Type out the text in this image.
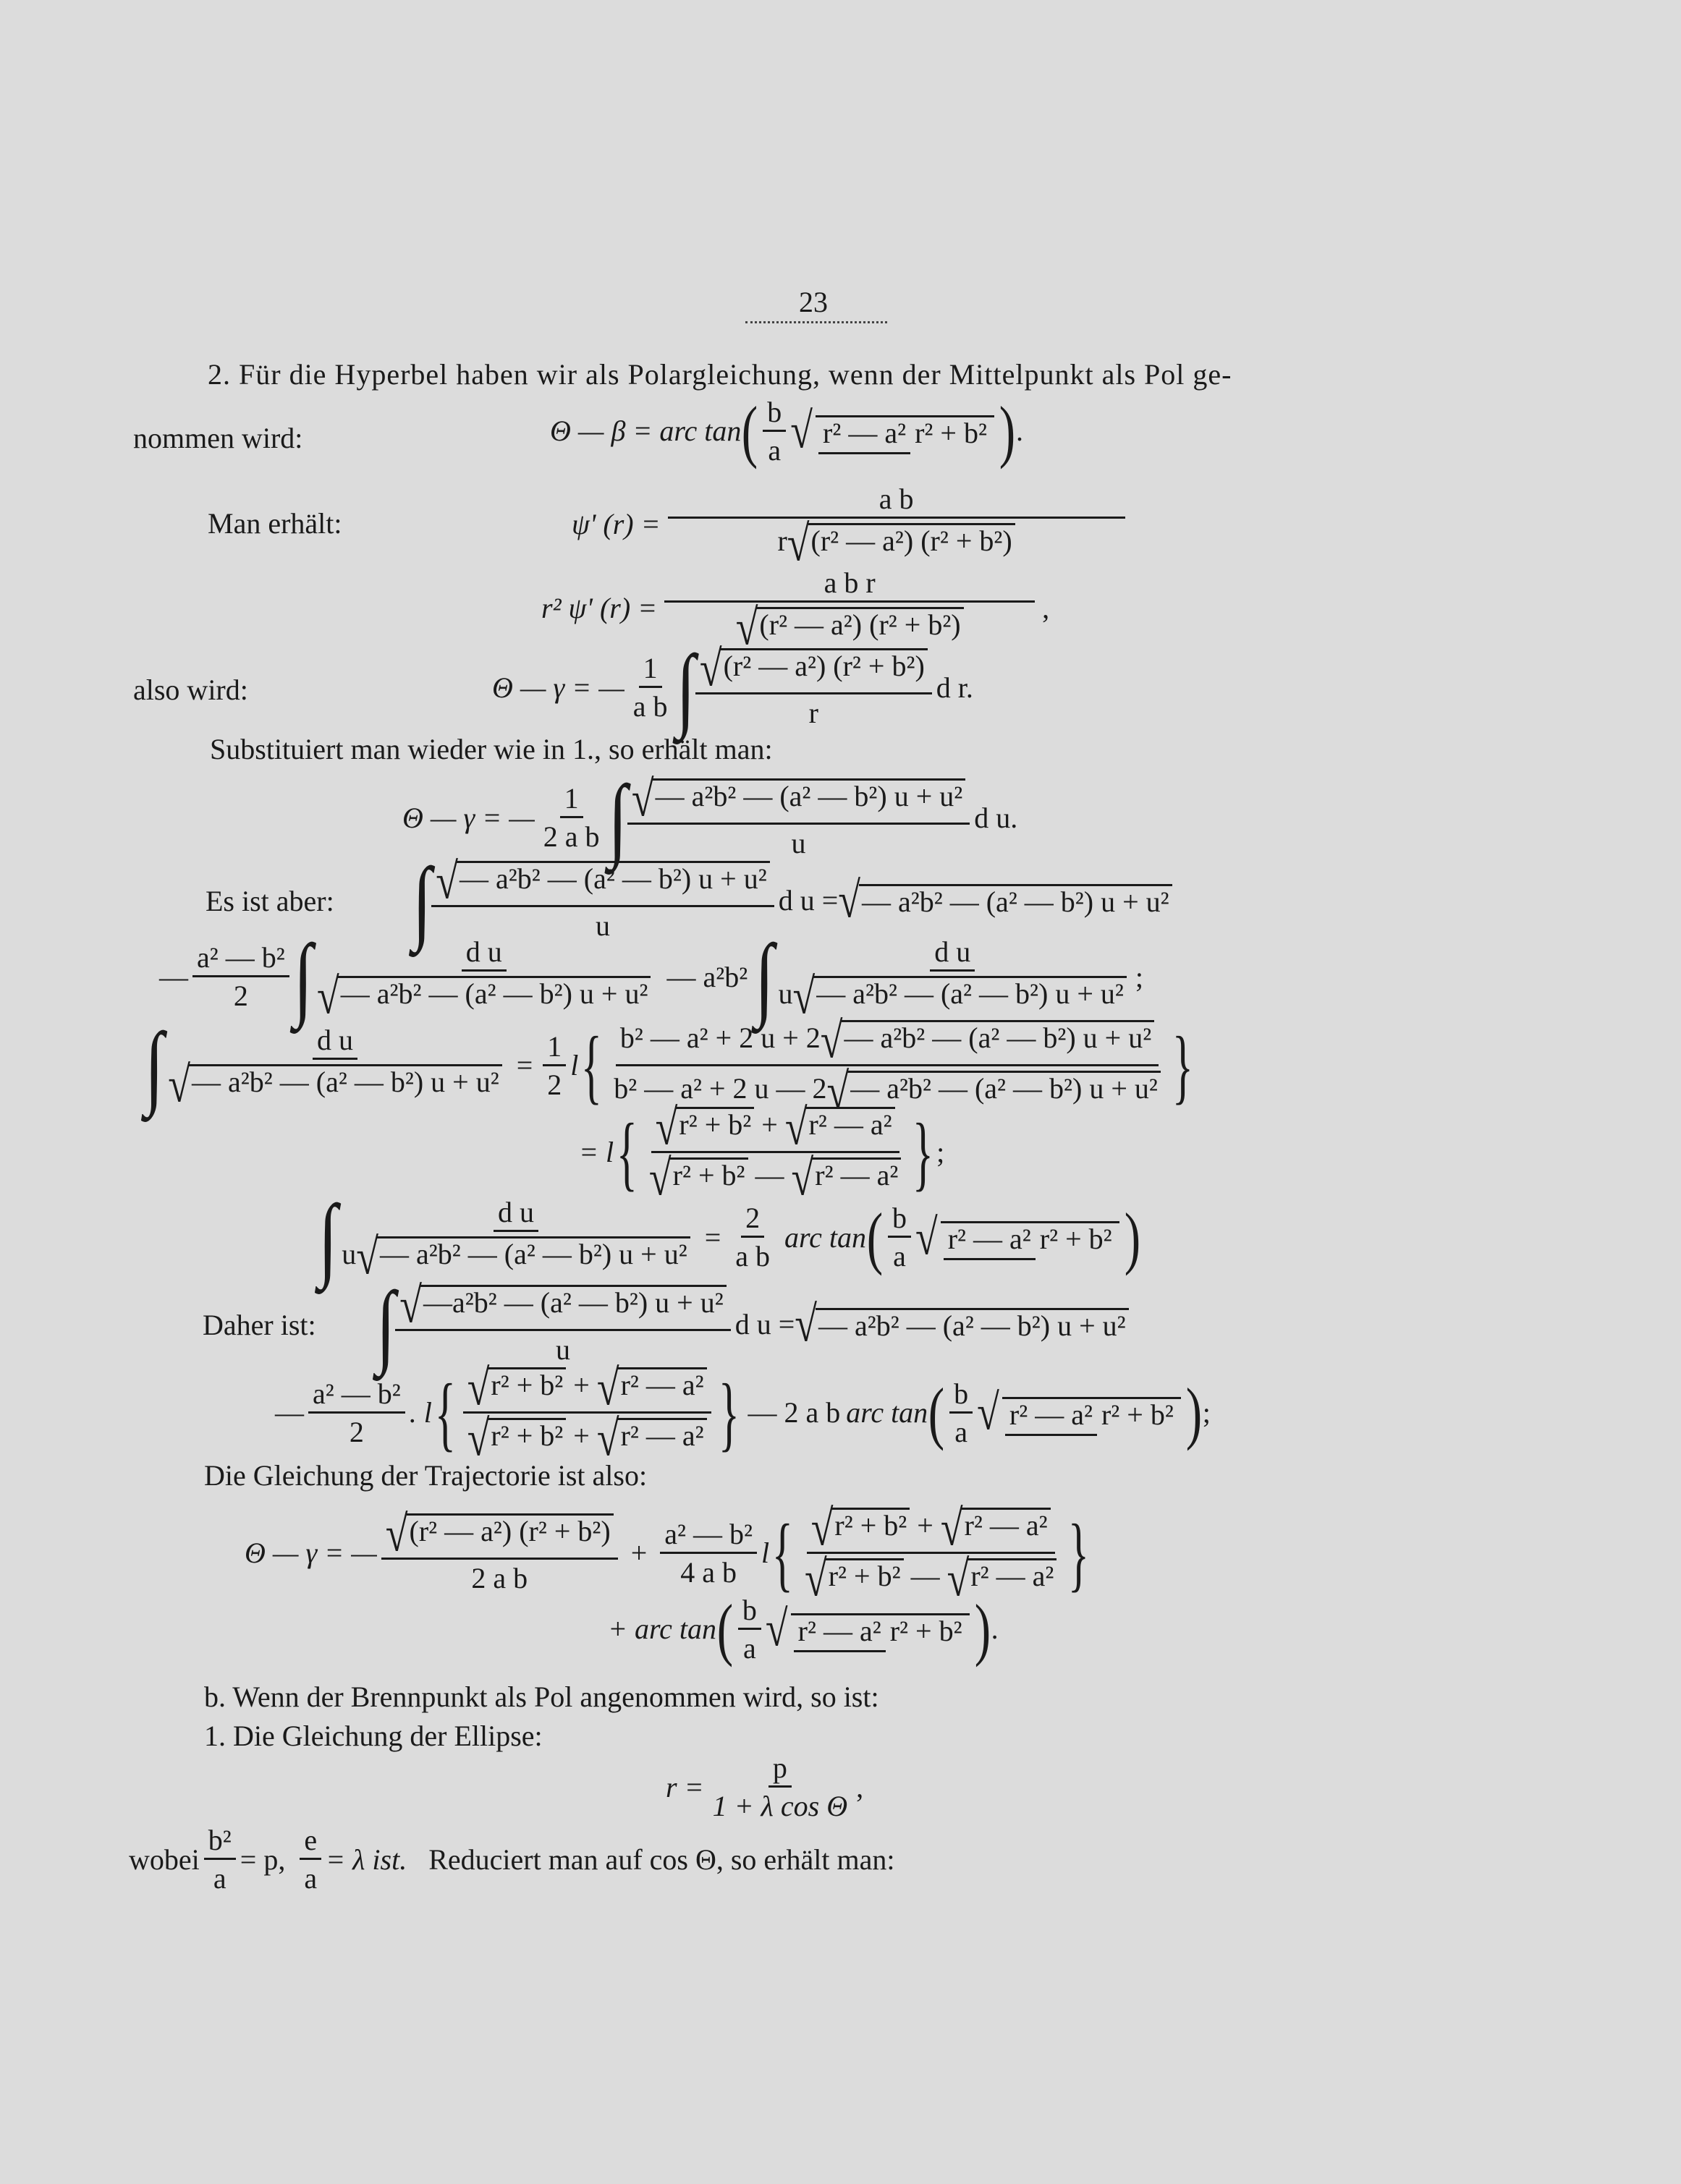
23
2. Für die Hyperbel haben wir als Polargleichung, wenn der Mittelpunkt als Pol ge-
nommen wird:	Θ — β = arc tan ( $\frac{b}{a}$ √ r² — a² r² + b² ) .
Man erhält:	ψ' $(r) = \frac{\text{a b}}{\text{r√(r² — a²) (r² + b²)}}$
r² ψ' $(r) = \frac{\text{a b r}}{\text{√(r² — a²) (r² + b²)}}$ ,
also wird:	Θ — γ = — $\frac{1}{\text{a b}}$ ∫ $\frac{\text{√(r² — a²) (r² + b²)}}{r}$ d r.
Substituiert man wieder wie in 1., so erhält man:
Θ — γ = — $\frac{1}{\text{2 a b}}$ ∫ $\frac{\text{√— a²b² — (a² — b²) u + u²}}{u}$ d u.
Es ist aber: ∫ $\frac{\text{√— a²b² — (a² — b²) u + u²}}{u}$ d u = √ — a²b² — (a² — b²) u + u²
— $\frac{\text{a² — b²}}{2}$ ∫ $\frac{\text{d u}}{\text{√— a²b² — (a² — b²) u + u²}}$ — a²b² ∫ $\frac{\text{d u}}{\text{u√— a²b² — (a² — b²) u + u²}}$ ;
∫ $\frac{\text{d u}}{\text{√— a²b² — (a² — b²) u + u²}} = \frac{1}{2}$ l { $\frac{\text{b² — a² + 2 u + 2√— a²b² — (a² — b²) u + u²}}{\text{b² — a² + 2 u — 2√— a²b² — (a² — b²) u + u²}}$ }
= l { $\frac{\text{√r² + b² + √r² — a²}}{\text{√r² + b² — √r² — a²}}$ } ;
∫ $\frac{\text{d u}}{\text{u√— a²b² — (a² — b²) u + u²}} = \frac{2}{\text{a b}}$ arc tan ( $\frac{b}{a}$ √ r² — a² r² + b² )
Daher ist: ∫ $\frac{\text{√—a²b² — (a² — b²) u + u²}}{u}$ d u = √ — a²b² — (a² — b²) u + u²
— $\frac{\text{a² — b²}}{2}$ . l { $\frac{\text{√r² + b² + √r² — a²}}{\text{√r² + b² + √r² — a²}}$ } — 2 a b arc tan ( $\frac{b}{a}$ √ r² — a² r² + b² ) ;
Die Gleichung der Trajectorie ist also:
Θ — γ = — $\frac{\text{√(r² — a²) (r² + b²)}}{\text{2 a b}} + \frac{\text{a² — b²}}{\text{4 a b}}$ l { $\frac{\text{√r² + b² + √r² — a²}}{\text{√r² + b² — √r² — a²}}$ }
+ arc tan ( $\frac{b}{a}$ √ r² — a² r² + b² ) .
b. Wenn der Brennpunkt als Pol angenommen wird, so ist:
1. Die Gleichung der Ellipse:
$r = \frac{p}{\text{1 + λ cos Θ}}$ ,
wobei $\frac{\text{b²}}{a} = p$, $\frac{e}{a} = \lambda$ ist. Reduciert man auf cos Θ, so erhält man:
